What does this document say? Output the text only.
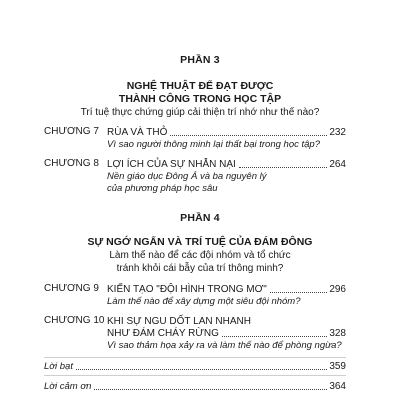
PHẦN 3
NGHỆ THUẬT ĐỂ ĐẠT ĐƯỢC
THÀNH CÔNG TRONG HỌC TẬP
Trí tuệ thực chứng giúp cải thiện trí nhớ như thế nào?
CHƯƠNG 7 RÙA VÀ THỎ	232
Vì sao người thông minh lại thất bại trong học tập?
CHƯƠNG 8 LỢI ÍCH CỦA SỰ NHẪN NẠI	264
Nền giáo dục Đông Á và ba nguyên lý
của phương pháp học sâu
PHẦN 4
SỰ NGỚ NGẨN VÀ TRÍ TUỆ CỦA ĐÁM ĐÔNG
Làm thế nào để các đội nhóm và tổ chức
tránh khỏi cái bẫy của trí thông minh?
CHƯƠNG 9 KIẾN TẠO "ĐỘI HÌNH TRONG MƠ"	296
Làm thế nào để xây dựng một siêu đội nhóm?
CHƯƠNG 10 KHI SỰ NGU DỐT LAN NHANH
NHƯ ĐÁM CHÁY RỪNG	328
Vì sao thảm họa xảy ra và làm thế nào để phòng ngừa?
Lời bạt	359
Lời cảm ơn	364
